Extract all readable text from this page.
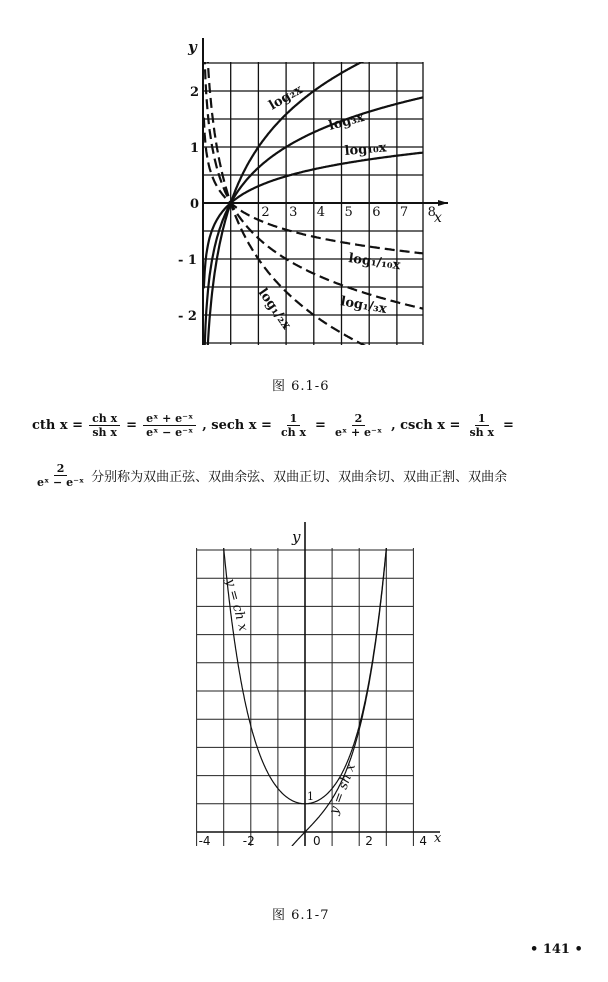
y
x
2 3 4 5 6 7 8
2
1
0
- 1
- 2
log₂x
log₃x
log₁₀x
log₁/₁₀x
log₁/₃x
log₁/₂x
图 6.1-6
cth $x = \frac{\text{ch x}}{\text{sh x}} = \frac{\text{eˣ + e⁻ˣ}}{\text{eˣ − e⁻ˣ}}$ , sech $x = \frac{1}{\text{ch x}} = \frac{2}{\text{eˣ + e⁻ˣ}}$ , csch $x = \frac{1}{\text{sh x}}$ =
$\frac{2}{\text{eˣ − e⁻ˣ}}$ 分别称为双曲正弦、双曲余弦、双曲正切、双曲余切、双曲正割、双曲余
y
x
-4	-2	0	2	4
1
y = ch x
y = sh x
图 6.1-7
• 141 •
